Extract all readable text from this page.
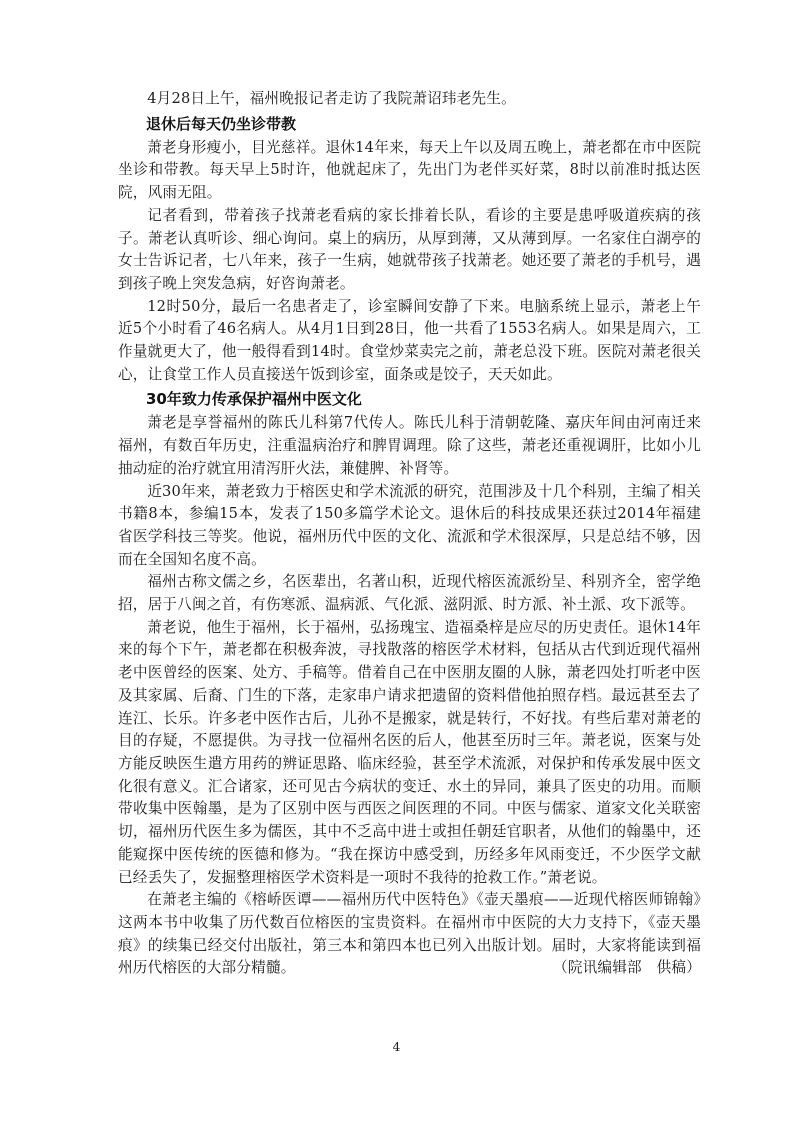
4月28日上午，福州晚报记者走访了我院萧诏玮老先生。

退休后每天仍坐诊带教

萧老身形瘦小，目光慈祥。退休14年来，每天上午以及周五晚上，萧老都在市中医院坐诊和带教。每天早上5时许，他就起床了，先出门为老伴买好菜，8时以前准时抵达医院，风雨无阻。

记者看到，带着孩子找萧老看病的家长排着长队，看诊的主要是患呼吸道疾病的孩子。萧老认真听诊、细心询问。桌上的病历，从厚到薄，又从薄到厚。一名家住白湖亭的女士告诉记者，七八年来，孩子一生病，她就带孩子找萧老。她还要了萧老的手机号，遇到孩子晚上突发急病，好咨询萧老。

12时50分，最后一名患者走了，诊室瞬间安静了下来。电脑系统上显示，萧老上午近5个小时看了46名病人。从4月1日到28日，他一共看了1553名病人。如果是周六，工作量就更大了，他一般得看到14时。食堂炒菜卖完之前，萧老总没下班。医院对萧老很关心，让食堂工作人员直接送午饭到诊室，面条或是饺子，天天如此。

30年致力传承保护福州中医文化

萧老是享誉福州的陈氏儿科第7代传人。陈氏儿科于清朝乾隆、嘉庆年间由河南迁来福州，有数百年历史，注重温病治疗和脾胃调理。除了这些，萧老还重视调肝，比如小儿抽动症的治疗就宜用清泻肝火法，兼健脾、补肾等。

近30年来，萧老致力于榕医史和学术流派的研究，范围涉及十几个科别，主编了相关书籍8本，参编15本，发表了150多篇学术论文。退休后的科技成果还获过2014年福建省医学科技三等奖。他说，福州历代中医的文化、流派和学术很深厚，只是总结不够，因而在全国知名度不高。

福州古称文儒之乡，名医辈出，名著山积，近现代榕医流派纷呈、科别齐全，密学绝招，居于八闽之首，有伤寒派、温病派、气化派、滋阴派、时方派、补土派、攻下派等。

萧老说，他生于福州，长于福州，弘扬瑰宝、造福桑梓是应尽的历史责任。退休14年来的每个下午，萧老都在积极奔波，寻找散落的榕医学术材料，包括从古代到近现代福州老中医曾经的医案、处方、手稿等。借着自己在中医朋友圈的人脉，萧老四处打听老中医及其家属、后裔、门生的下落，走家串户请求把遗留的资料借他拍照存档。最远甚至去了连江、长乐。许多老中医作古后，儿孙不是搬家，就是转行，不好找。有些后辈对萧老的目的存疑，不愿提供。为寻找一位福州名医的后人，他甚至历时三年。萧老说，医案与处方能反映医生遣方用药的辨证思路、临床经验，甚至学术流派，对保护和传承发展中医文化很有意义。汇合诸家，还可见古今病状的变迁、水土的异同，兼具了医史的功用。而顺带收集中医翰墨，是为了区别中医与西医之间医理的不同。中医与儒家、道家文化关联密切，福州历代医生多为儒医，其中不乏高中进士或担任朝廷官职者，从他们的翰墨中，还能窥探中医传统的医德和修为。“我在探访中感受到，历经多年风雨变迁，不少医学文献已经丢失了，发掘整理榕医学术资料是一项时不我待的抢救工作。”萧老说。

在萧老主编的《榕峤医谭——福州历代中医特色》《壶天墨痕——近现代榕医师锦翰》这两本书中收集了历代数百位榕医的宝贵资料。在福州市中医院的大力支持下，《壶天墨痕》的续集已经交付出版社，第三本和第四本也已列入出版计划。届时，大家将能读到福州历代榕医的大部分精髓。	（院讯编辑部　供稿）

4
